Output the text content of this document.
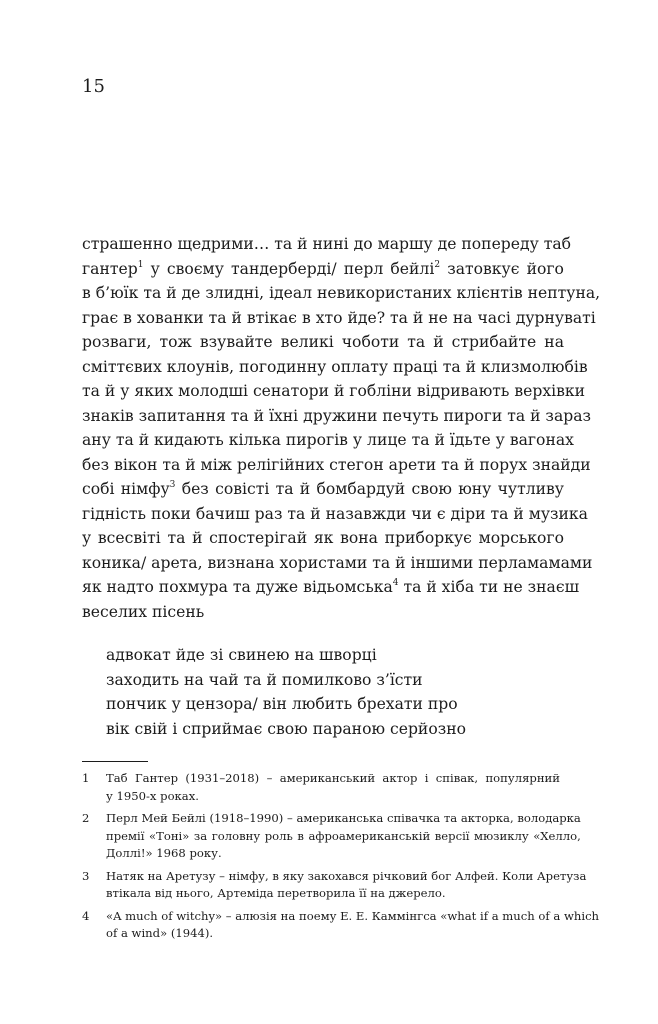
15
страшенно щедрими… та й нині до маршу де попереду таб
гантер$^1$ у своєму тандерберді/ перл бейлі$^2$ затовкує його
в б’юїк та й де злидні, ідеал невикористаних клієнтів нептуна,
грає в хованки та й втікає в хто йде? та й не на часі дурнуваті
розваги, тож взувайте великі чоботи та й стрибайте на
сміттєвих клоунів, погодинну оплату праці та й клизмолюбів
та й у яких молодші сенатори й гобліни відривають верхівки
знаків запитання та й їхні дружини печуть пироги та й зараз
ану та й кидають кілька пирогів у лице та й їдьте у вагонах
без вікон та й між релігійних стегон арети та й порух знайди
собі німфу$^3$ без совісті та й бомбардуй свою юну чутливу
гідність поки бачиш раз та й назавжди чи є діри та й музика
у всесвіті та й спостерігай як вона приборкує морського
коника/ арета, визнана хористами та й іншими перламамами
як надто похмура та дуже відьомська$^4$ та й хіба ти не знаєш
веселих пісень
адвокат йде зі свинею на шворці
заходить на чай та й помилково з’їсти
пончик у цензора/ він любить брехати про
вік свій і сприймає свою параною серйозно
1	Таб Гантер (1931–2018) – американський актор і співак, популярний
у 1950-х роках.
2	Перл Мей Бейлі (1918–1990) – американська співачка та акторка, володарка
премії «Тоні» за головну роль в афроамериканській версії мюзиклу «Хелло,
Доллі!» 1968 року.
3	Натяк на Аретузу – німфу, в яку закохався річковий бог Алфей. Коли Аретуза
втікала від нього, Артеміда перетворила її на джерело.
4	«A much of witchy» – алюзія на поему Е. Е. Каммінгса «what if a much of a which
of a wind» (1944).
